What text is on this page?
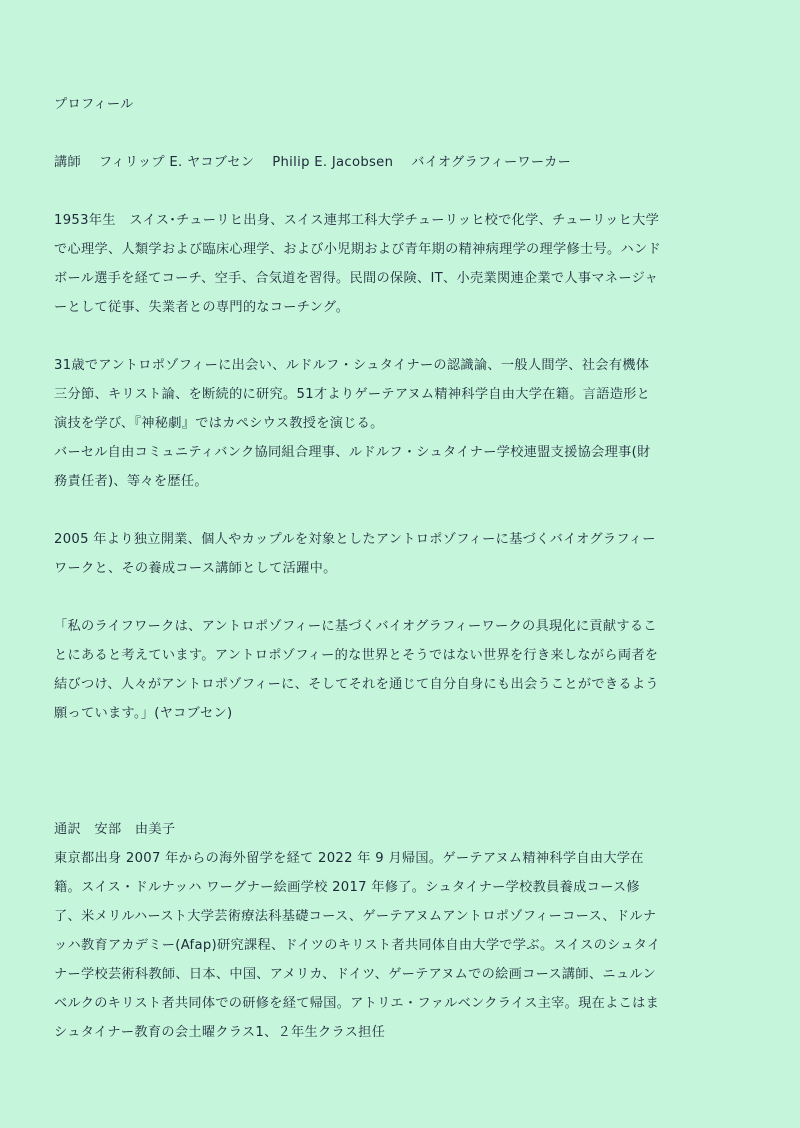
プロフィール

講師 フィリップ E. ヤコブセン Philip E. Jacobsen バイオグラフィーワーカー

1953年生　スイス･チューリヒ出身、スイス連邦工科大学チューリッヒ校で化学、チューリッヒ大学
で心理学、人類学および臨床心理学、および小児期および青年期の精神病理学の理学修士号。ハンド
ボール選手を経てコーチ、空手、合気道を習得。民間の保険、IT、小売業関連企業で人事マネージャ
ーとして従事、失業者との専門的なコーチング。

31歳でアントロポゾフィーに出会い、ルドルフ・シュタイナーの認識論、一般人間学、社会有機体
三分節、キリスト論、を断続的に研究。51才よりゲーテアヌム精神科学自由大学在籍。言語造形と
演技を学び、『神秘劇』ではカペシウス教授を演じる。
バーセル自由コミュニティバンク協同組合理事、ルドルフ・シュタイナー学校連盟支援協会理事(財
務責任者)、等々を歴任。

2005 年より独立開業、個人やカップルを対象としたアントロポゾフィーに基づくバイオグラフィー
ワークと、その養成コース講師として活躍中。

「私のライフワークは、アントロポゾフィーに基づくバイオグラフィーワークの具現化に貢献するこ
とにあると考えています。アントロポゾフィー的な世界とそうではない世界を行き来しながら両者を
結びつけ、人々がアントロポゾフィーに、そしてそれを通じて自分自身にも出会うことができるよう
願っています。」(ヤコブセン)

通訳　安部　由美子
東京都出身 2007 年からの海外留学を経て 2022 年 9 月帰国。ゲーテアヌム精神科学自由大学在
籍。スイス・ドルナッハ ワーグナー絵画学校 2017 年修了。シュタイナー学校教員養成コース修
了、米メリルハースト大学芸術療法科基礎コース、ゲーテアヌムアントロポゾフィーコース、ドルナ
ッハ教育アカデミー(Afap)研究課程、ドイツのキリスト者共同体自由大学で学ぶ。スイスのシュタイ
ナー学校芸術科教師、日本、中国、アメリカ、ドイツ、ゲーテアヌムでの絵画コース講師、ニュルン
ベルクのキリスト者共同体での研修を経て帰国。アトリエ・ファルベンクライス主宰。現在よこはま
シュタイナー教育の会土曜クラス1、２年生クラス担任
